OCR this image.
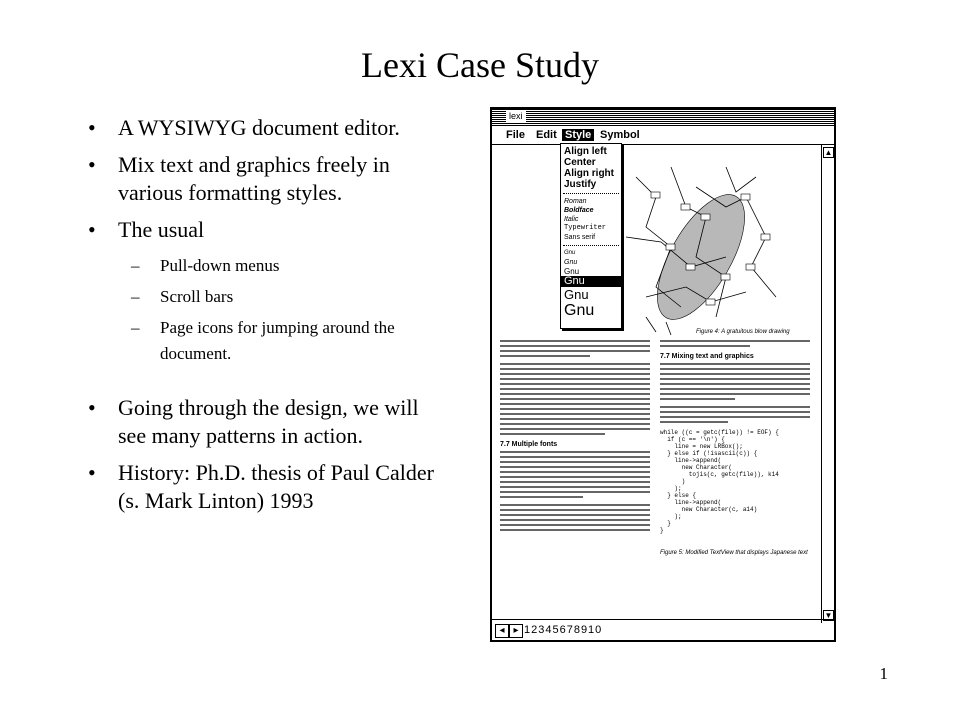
Lexi Case Study
• A WYSIWYG document editor.
• Mix text and graphics freely in various formatting styles.
• The usual
– Pull-down menus
– Scroll bars
– Page icons for jumping around the document.
• Going through the design, we will see many patterns in action.
• History: Ph.D. thesis of Paul Calder (s. Mark Linton) 1993
1
lexi
File Edit Style Symbol
Figure 4: A gratuitous blow drawing
7.7 Multiple fonts
7.7 Mixing text and graphics
while ((c = getc(file)) != EOF) {
if (c == '\n') {
line = new LRBox();
} else if (!isascii(c)) {
line->append(
new Character(
tojis(c, getc(file)), k14
)
);
} else {
line->append(
new Character(c, a14)
);
}
}
Figure 5: Modified TextView that displays Japanese text
Align left
Center
Align right
Justify
Roman
Boldface
Italic
Typewriter
Sans serif
Gnu
Gnu
Gnu
Gnu
Gnu
Gnu
▲
▼
◂ ▸ 12345678910
